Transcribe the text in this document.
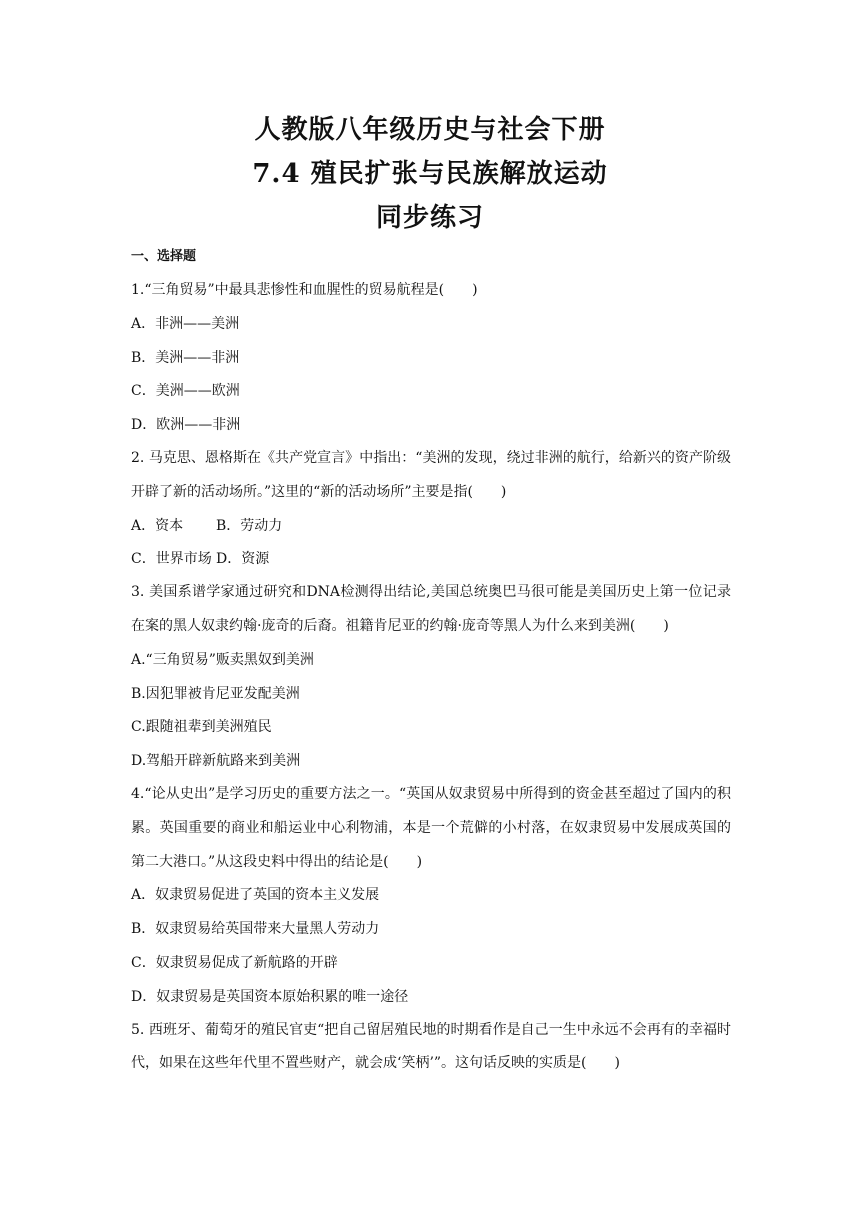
人教版八年级历史与社会下册
7.4 殖民扩张与民族解放运动
同步练习
一、选择题
1.“三角贸易”中最具悲惨性和血腥性的贸易航程是(　　)
A．非洲——美洲
B．美洲——非洲
C．美洲——欧洲
D．欧洲——非洲
2. 马克思、恩格斯在《共产党宣言》中指出：“美洲的发现，绕过非洲的航行，给新兴的资产阶级开辟了新的活动场所。”这里的“新的活动场所”主要是指(　　)
A．资本	B．劳动力
C．世界市场 D．资源
3. 美国系谱学家通过研究和DNA检测得出结论,美国总统奥巴马很可能是美国历史上第一位记录在案的黑人奴隶约翰·庞奇的后裔。祖籍肯尼亚的约翰·庞奇等黑人为什么来到美洲(　　)
A.“三角贸易”贩卖黑奴到美洲
B.因犯罪被肯尼亚发配美洲
C.跟随祖辈到美洲殖民
D.驾船开辟新航路来到美洲
4.“论从史出”是学习历史的重要方法之一。“英国从奴隶贸易中所得到的资金甚至超过了国内的积累。英国重要的商业和船运业中心利物浦，本是一个荒僻的小村落，在奴隶贸易中发展成英国的第二大港口。”从这段史料中得出的结论是(　　)
A．奴隶贸易促进了英国的资本主义发展
B．奴隶贸易给英国带来大量黑人劳动力
C．奴隶贸易促成了新航路的开辟
D．奴隶贸易是英国资本原始积累的唯一途径
5. 西班牙、葡萄牙的殖民官吏“把自己留居殖民地的时期看作是自己一生中永远不会再有的幸福时代，如果在这些年代里不置些财产，就会成‘笑柄’”。这句话反映的实质是(　　)
